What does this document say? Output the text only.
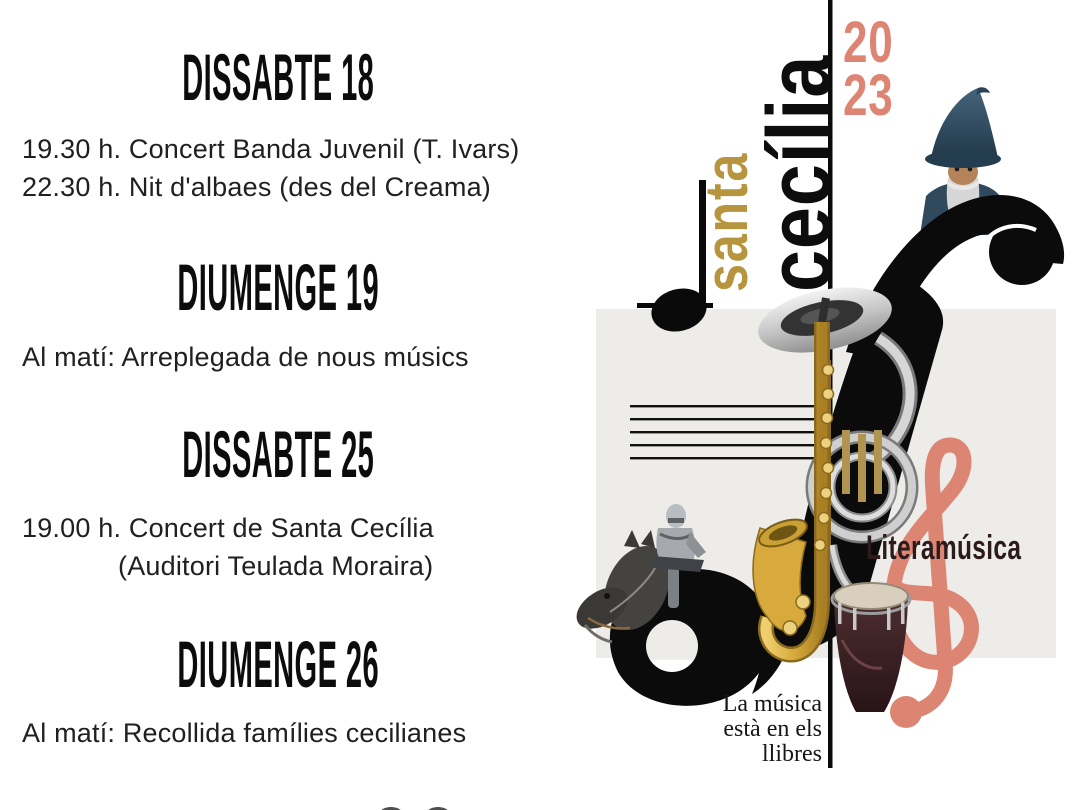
DISSABTE 18
19.30 h. Concert Banda Juvenil (T. Ivars)
22.30 h. Nit d'albaes (des del Creama)
DIUMENGE 19
Al matí: Arreplegada de nous músics
DISSABTE 25
19.00 h. Concert de Santa Cecília
(Auditori Teulada Moraira)
DIUMENGE 26
Al matí: Recollida famílies cecilianes
santa
cecília
20
23
Literamúsica
La música
està en els
llibres
